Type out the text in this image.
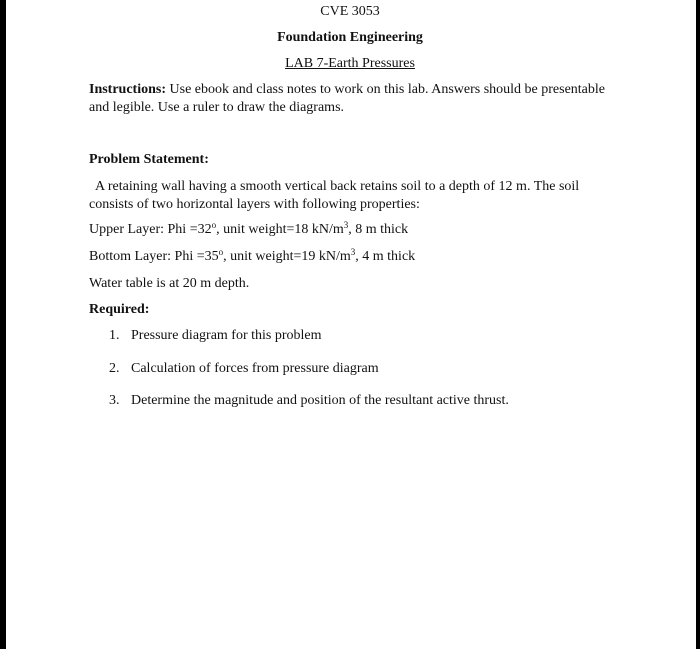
CVE 3053
Foundation Engineering
LAB 7-Earth Pressures
Instructions: Use ebook and class notes to work on this lab. Answers should be presentable and legible. Use a ruler to draw the diagrams.
Problem Statement:
A retaining wall having a smooth vertical back retains soil to a depth of 12 m. The soil consists of two horizontal layers with following properties:
Upper Layer: Phi $=32^o$, unit weight=18 $kN/m^3$, 8 m thick
Bottom Layer: Phi $=35^o$, unit weight=19 $kN/m^3$, 4 m thick
Water table is at 20 m depth.
Required:
1. Pressure diagram for this problem
2. Calculation of forces from pressure diagram
3. Determine the magnitude and position of the resultant active thrust.
